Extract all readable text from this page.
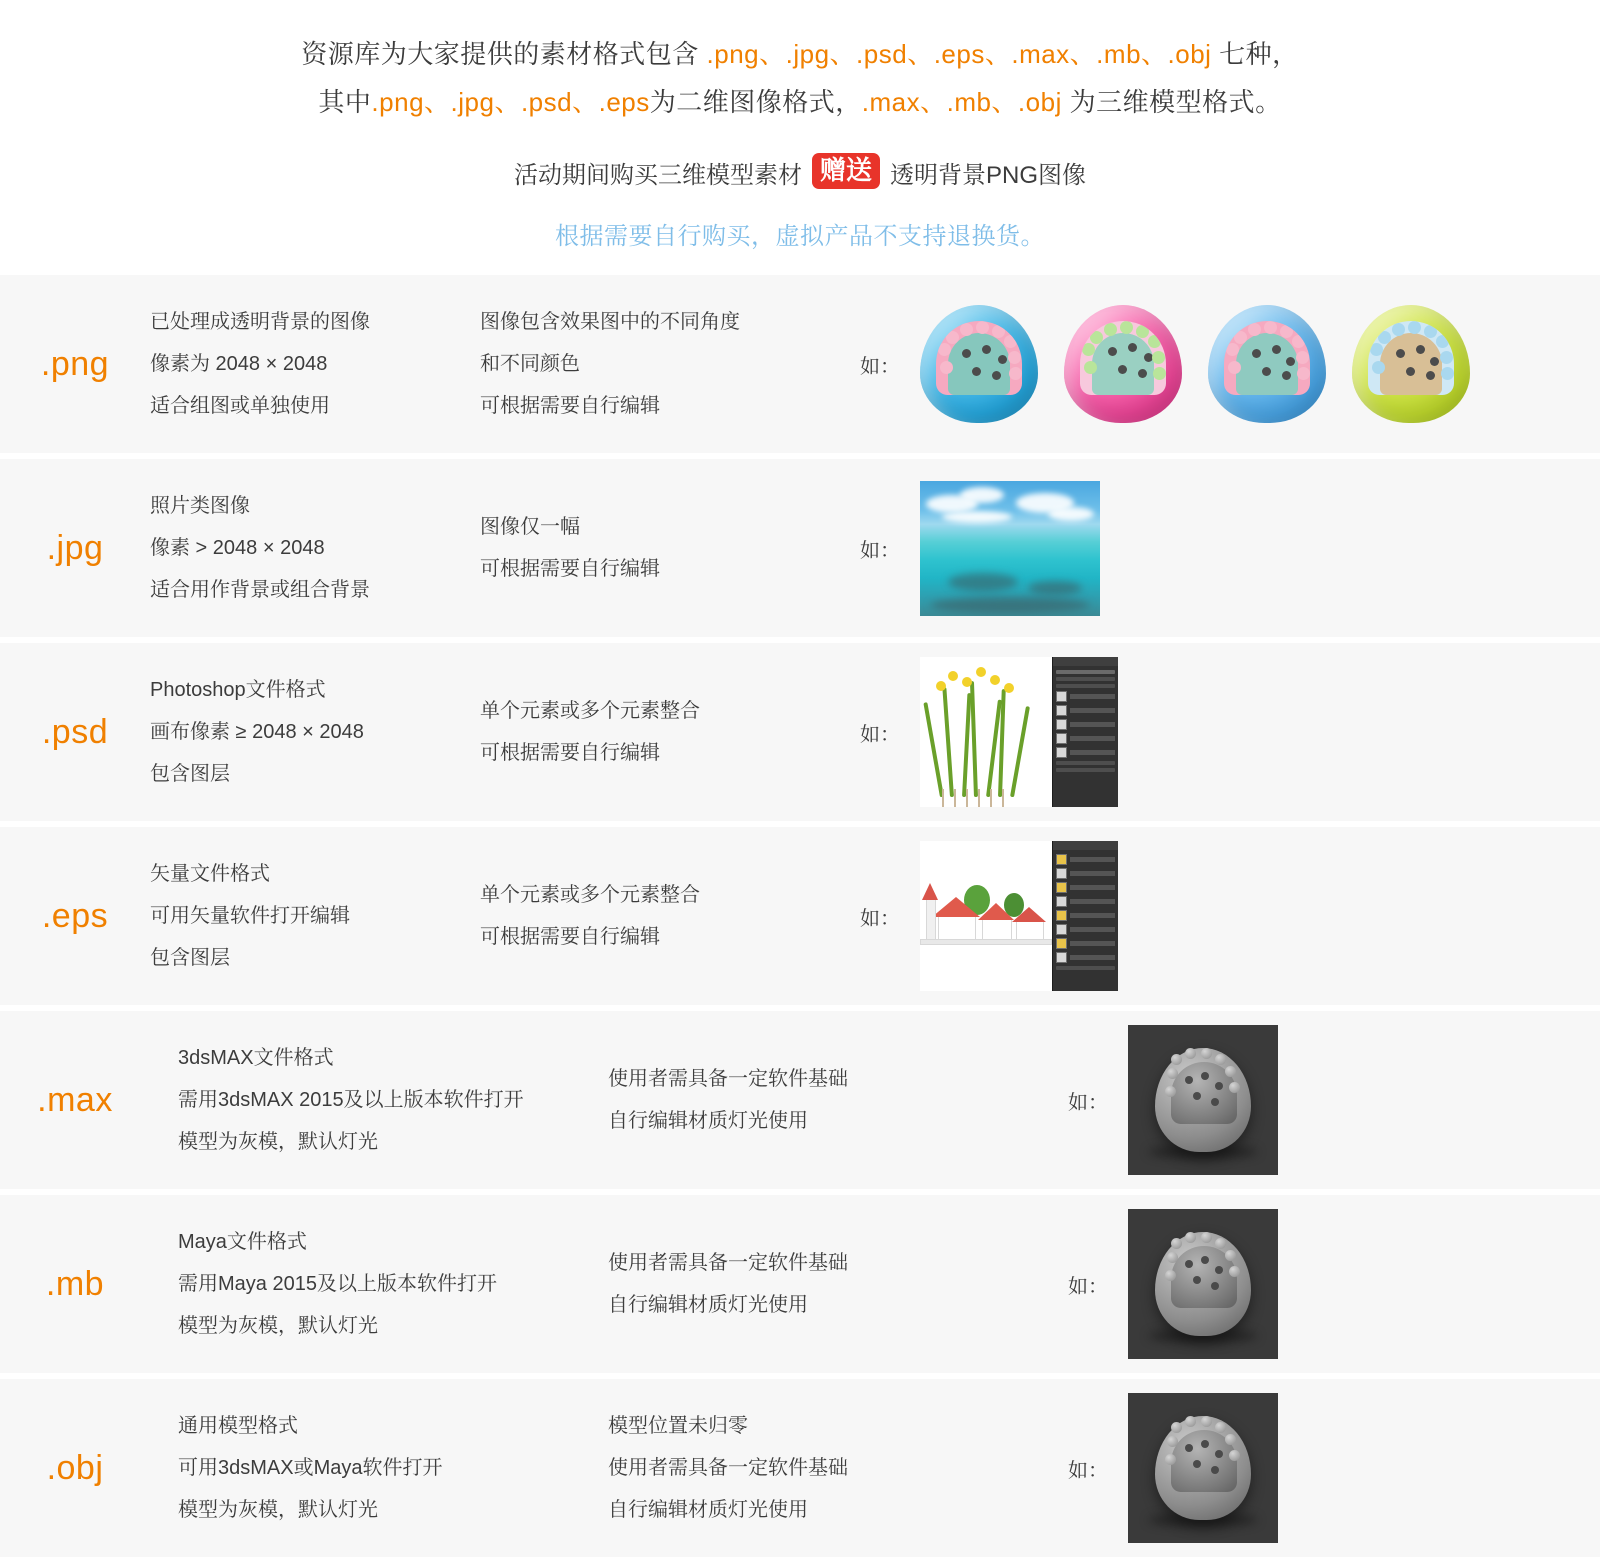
资源库为大家提供的素材格式包含 .png、.jpg、.psd、.eps、.max、.mb、.obj 七种，
其中.png、.jpg、.psd、.eps为二维图像格式，.max、.mb、.obj 为三维模型格式。
活动期间购买三维模型素材 赠送 透明背景PNG图像
根据需要自行购买，虚拟产品不支持退换货。
.png
已处理成透明背景的图像
像素为 2048 × 2048
适合组图或单独使用
图像包含效果图中的不同角度
和不同颜色
可根据需要自行编辑
如：
.jpg
照片类图像
像素 > 2048 × 2048
适合用作背景或组合背景
图像仅一幅
可根据需要自行编辑
如：
.psd
Photoshop文件格式
画布像素 ≥ 2048 × 2048
包含图层
单个元素或多个元素整合
可根据需要自行编辑
如：
.eps
矢量文件格式
可用矢量软件打开编辑
包含图层
单个元素或多个元素整合
可根据需要自行编辑
如：
.max
3dsMAX文件格式
需用3dsMAX 2015及以上版本软件打开
模型为灰模，默认灯光
使用者需具备一定软件基础
自行编辑材质灯光使用
如：
.mb
Maya文件格式
需用Maya 2015及以上版本软件打开
模型为灰模，默认灯光
使用者需具备一定软件基础
自行编辑材质灯光使用
如：
.obj
通用模型格式
可用3dsMAX或Maya软件打开
模型为灰模，默认灯光
模型位置未归零
使用者需具备一定软件基础
自行编辑材质灯光使用
如：
